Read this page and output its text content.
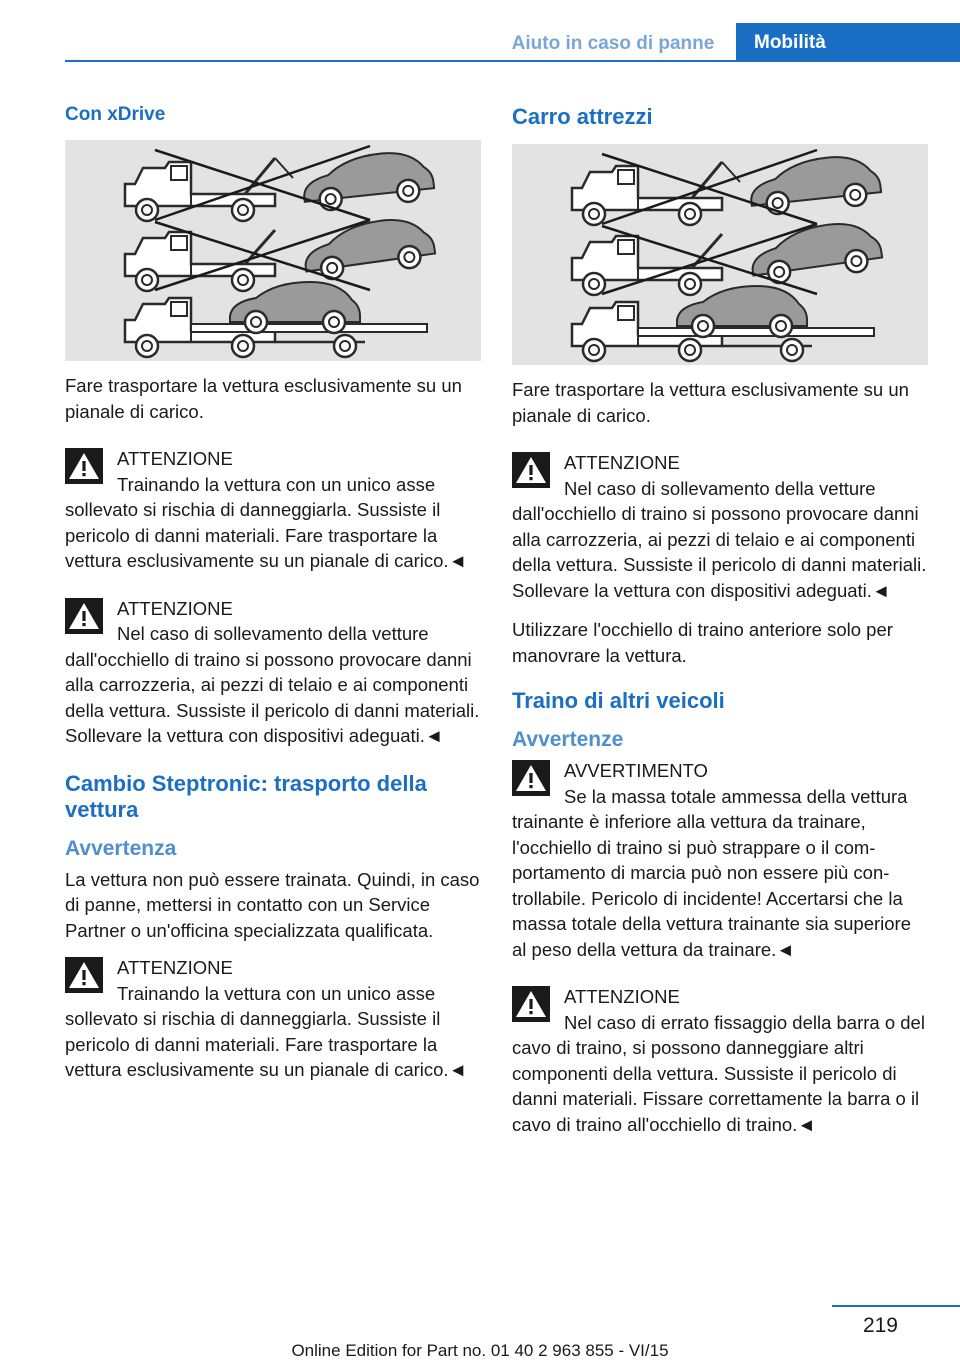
Aiuto in caso di panne	Mobilità
Con xDrive

Fare trasportare la vettura esclusivamente su un pianale di carico.

ATTENZIONE
Trainando la vettura con un unico asse sollevato si rischia di danneggiarla. Sussiste il pericolo di danni materiali. Fare trasportare la vettura esclusivamente su un pianale di carico.◄
ATTENZIONE
Nel caso di sollevamento della vetture dall'occhiello di traino si possono provocare danni alla carrozzeria, ai pezzi di telaio e ai componenti della vettura. Sussiste il pericolo di danni materiali. Sollevare la vettura con dispositivi adeguati.◄
Cambio Steptronic: trasporto della vettura
Avvertenza

La vettura non può essere trainata. Quindi, in caso di panne, mettersi in contatto con un Service Partner o un'officina specializzata qualificata.

ATTENZIONE
Trainando la vettura con un unico asse sollevato si rischia di danneggiarla. Sussiste il pericolo di danni materiali. Fare trasportare la vettura esclusivamente su un pianale di carico.◄
Carro attrezzi

Fare trasportare la vettura esclusivamente su un pianale di carico.

ATTENZIONE
Nel caso di sollevamento della vetture dall'occhiello di traino si possono provocare danni alla carrozzeria, ai pezzi di telaio e ai componenti della vettura. Sussiste il pericolo di danni materiali. Sollevare la vettura con dispositivi adeguati.◄

Utilizzare l'occhiello di traino anteriore solo per manovrare la vettura.

Traino di altri veicoli
Avvertenze
AVVERTIMENTO
Se la massa totale ammessa della vettura trainante è inferiore alla vettura da trainare, l'occhiello di traino si può strappare o il comportamento di marcia può non essere più controllabile. Pericolo di incidente! Accertarsi che la massa totale della vettura trainante sia superiore al peso della vettura da trainare.◄
ATTENZIONE
Nel caso di errato fissaggio della barra o del cavo di traino, si possono danneggiare altri componenti della vettura. Sussiste il pericolo di danni materiali. Fissare correttamente la barra o il cavo di traino all'occhiello di traino.◄
219
Online Edition for Part no. 01 40 2 963 855 - VI/15
